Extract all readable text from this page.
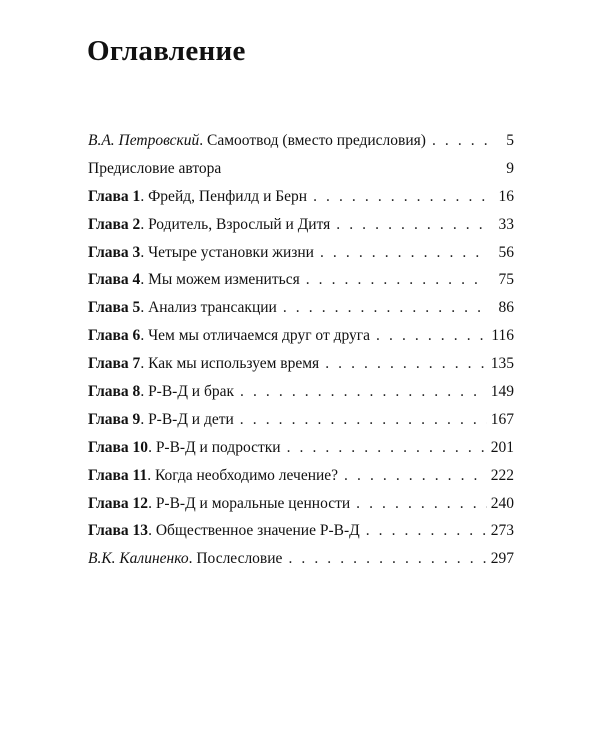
Оглавление
В.А. Петровский. Самоотвод (вместо предисловия) . . .	5
Предисловие автора	9
Глава 1. Фрейд, Пенфилд и Берн . . .	16
Глава 2. Родитель, Взрослый и Дитя . . .	33
Глава 3. Четыре установки жизни . . .	56
Глава 4. Мы можем измениться . . .	75
Глава 5. Анализ трансакции . . .	86
Глава 6. Чем мы отличаемся друг от друга . . .	116
Глава 7. Как мы используем время . . .	135
Глава 8. Р-В-Д и брак . . .	149
Глава 9. Р-В-Д и дети . . .	167
Глава 10. Р-В-Д и подростки . . .	201
Глава 11. Когда необходимо лечение? . . .	222
Глава 12. Р-В-Д и моральные ценности . . .	240
Глава 13. Общественное значение Р-В-Д . . .	273
В.К. Калиненко. Послесловие . . .	297
